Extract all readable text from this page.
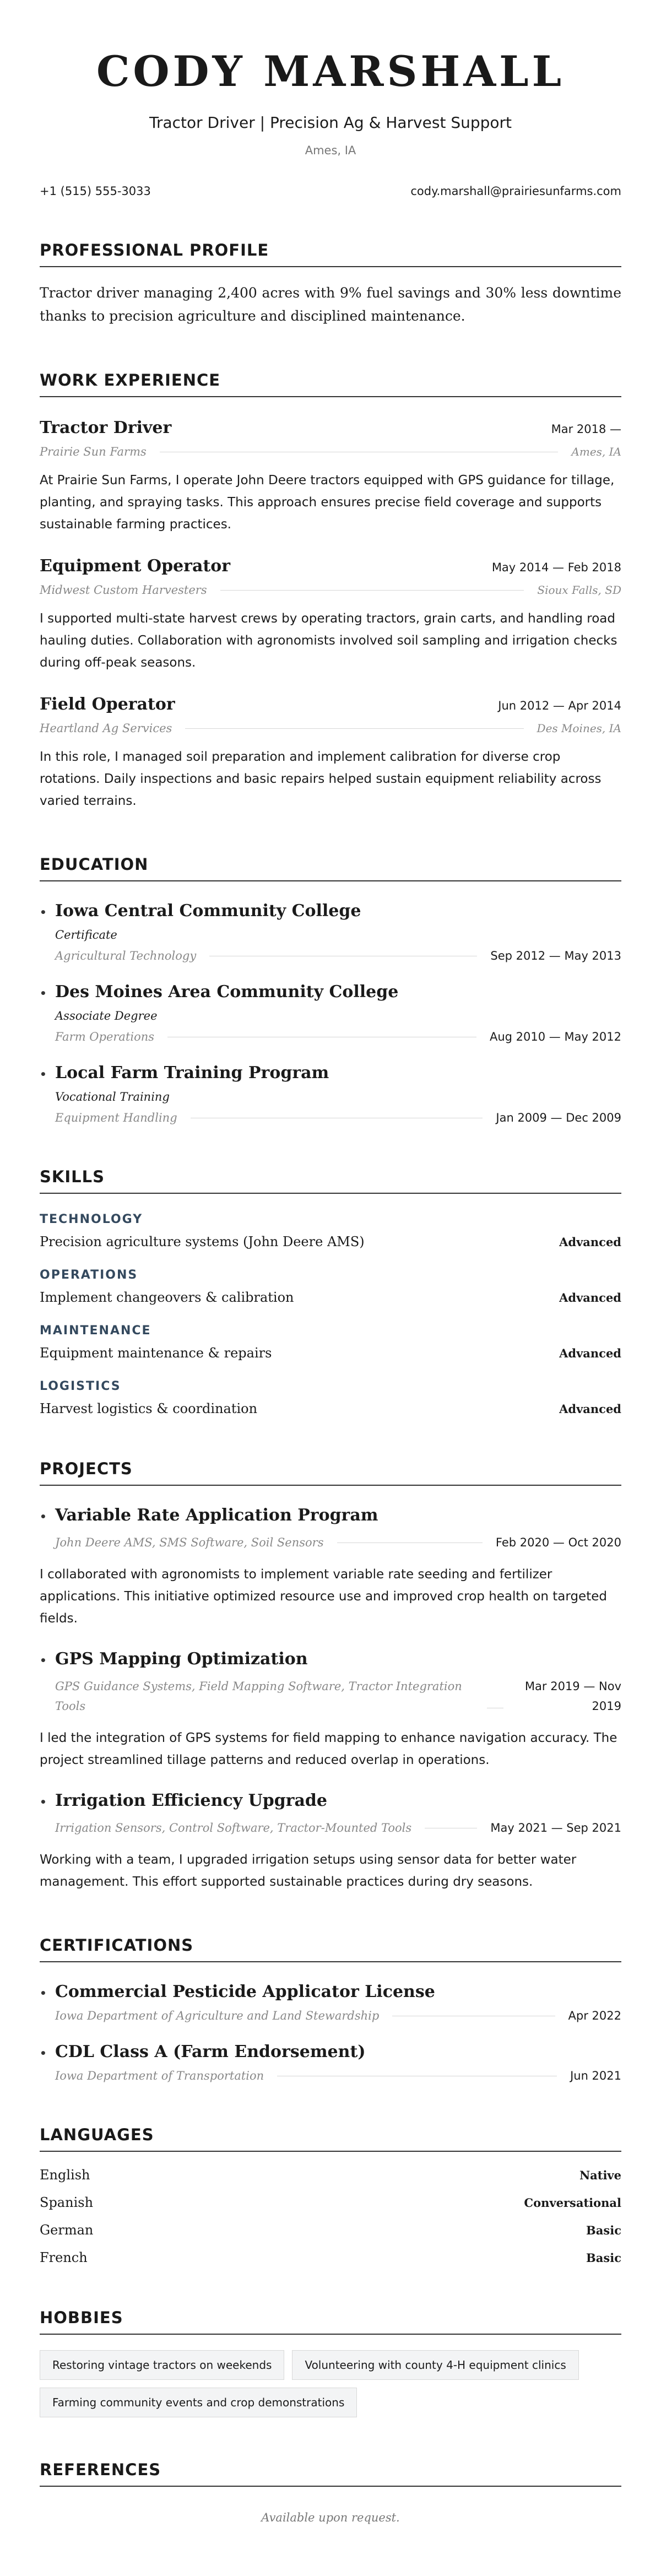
CODY MARSHALL
Tractor Driver | Precision Ag & Harvest Support
Ames, IA
+1 (515) 555-3033	cody.marshall@prairiesunfarms.com
PROFESSIONAL PROFILE

Tractor driver managing 2,400 acres with 9% fuel savings and 30% less downtime thanks to precision agriculture and disciplined maintenance.

WORK EXPERIENCE
Tractor Driver	Mar 2018 —
Prairie Sun Farms	Ames, IA

At Prairie Sun Farms, I operate John Deere tractors equipped with GPS guidance for tillage, planting, and spraying tasks. This approach ensures precise field coverage and supports sustainable farming practices.

Equipment Operator	May 2014 — Feb 2018
Midwest Custom Harvesters	Sioux Falls, SD

I supported multi-state harvest crews by operating tractors, grain carts, and handling road hauling duties. Collaboration with agronomists involved soil sampling and irrigation checks during off-peak seasons.

Field Operator	Jun 2012 — Apr 2014
Heartland Ag Services	Des Moines, IA

In this role, I managed soil preparation and implement calibration for diverse crop rotations. Daily inspections and basic repairs helped sustain equipment reliability across varied terrains.

EDUCATION
• Iowa Central Community College
Certificate
Agricultural Technology	Sep 2012 — May 2013
• Des Moines Area Community College
Associate Degree
Farm Operations	Aug 2010 — May 2012
• Local Farm Training Program
Vocational Training
Equipment Handling	Jan 2009 — Dec 2009
SKILLS
TECHNOLOGY
Precision agriculture systems (John Deere AMS)	Advanced
OPERATIONS
Implement changeovers & calibration	Advanced
MAINTENANCE
Equipment maintenance & repairs	Advanced
LOGISTICS
Harvest logistics & coordination	Advanced
PROJECTS
• Variable Rate Application Program
John Deere AMS, SMS Software, Soil Sensors	Feb 2020 — Oct 2020

I collaborated with agronomists to implement variable rate seeding and fertilizer applications. This initiative optimized resource use and improved crop health on targeted fields.

• GPS Mapping Optimization
GPS Guidance Systems, Field Mapping Software, Tractor Integration Tools
Mar 2019 — Nov 2019

I led the integration of GPS systems for field mapping to enhance navigation accuracy. The project streamlined tillage patterns and reduced overlap in operations.

• Irrigation Efficiency Upgrade
Irrigation Sensors, Control Software, Tractor-Mounted Tools	May 2021 — Sep 2021

Working with a team, I upgraded irrigation setups using sensor data for better water management. This effort supported sustainable practices during dry seasons.

CERTIFICATIONS
• Commercial Pesticide Applicator License
Iowa Department of Agriculture and Land Stewardship	Apr 2022
• CDL Class A (Farm Endorsement)
Iowa Department of Transportation	Jun 2021
LANGUAGES
English	Native
Spanish	Conversational
German	Basic
French	Basic
HOBBIES
Restoring vintage tractors on weekends	Volunteering with county 4-H equipment clinics
Farming community events and crop demonstrations
REFERENCES

Available upon request.
